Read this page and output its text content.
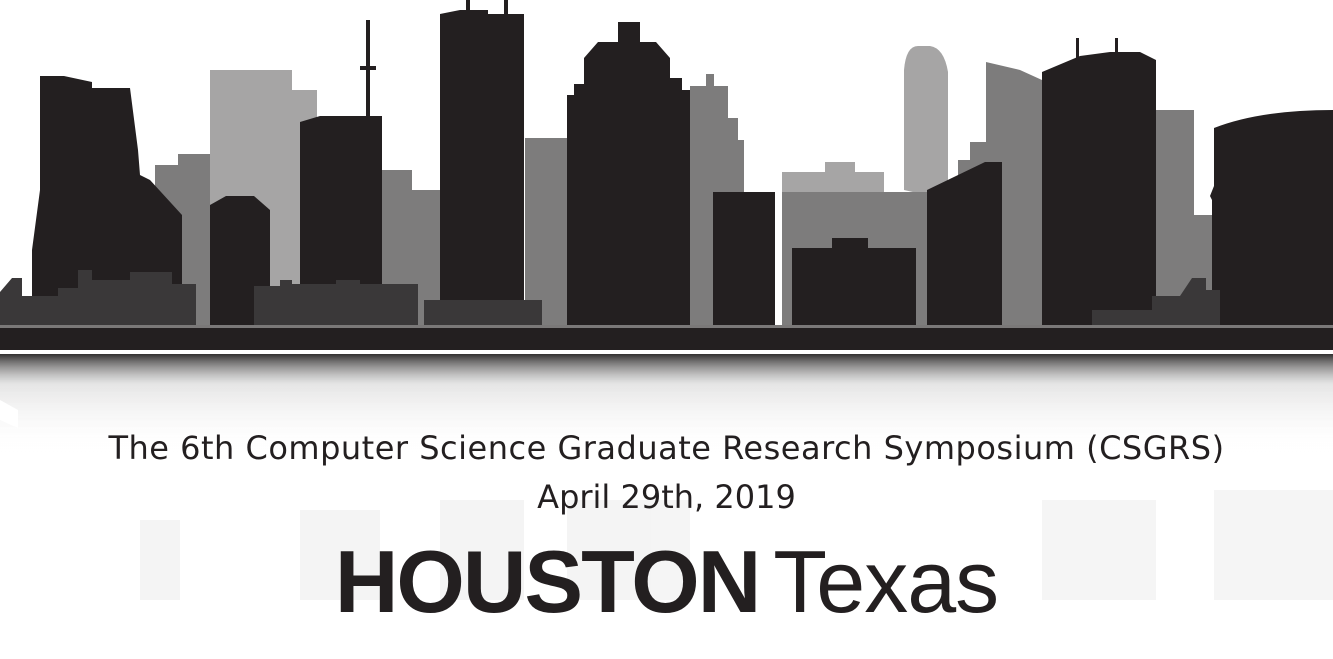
The 6th Computer Science Graduate Research Symposium (CSGRS)

April 29th, 2019

HOUSTON Texas
